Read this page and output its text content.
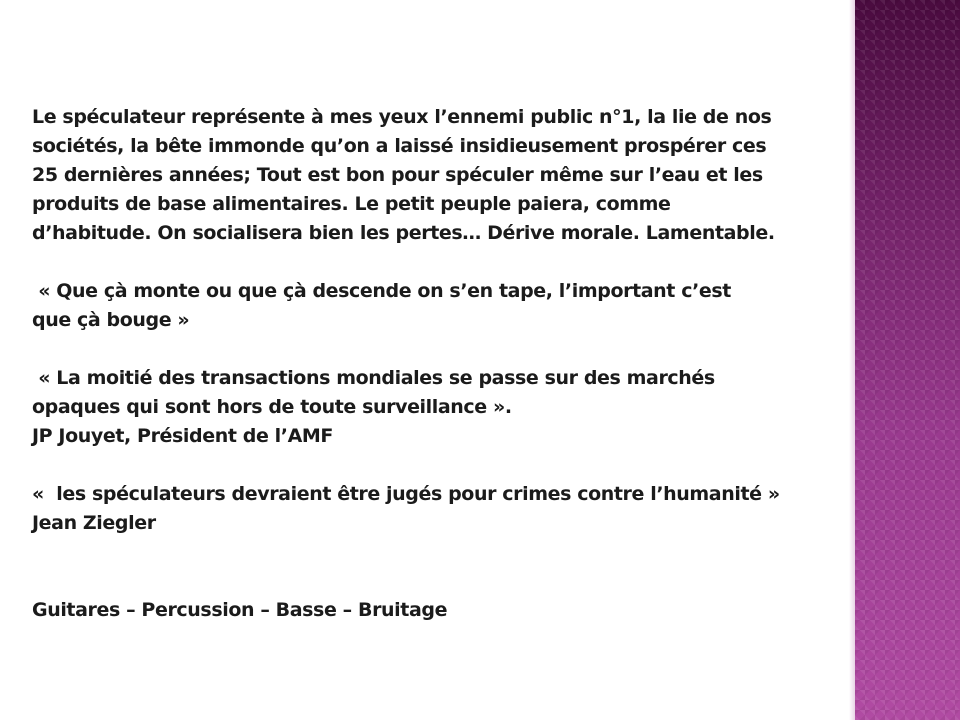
Le spéculateur représente à mes yeux l’ennemi public n°1, la lie de nos
sociétés, la bête immonde qu’on a laissé insidieusement prospérer ces
25 dernières années; Tout est bon pour spéculer même sur l’eau et les
produits de base alimentaires. Le petit peuple paiera, comme
d’habitude. On socialisera bien les pertes… Dérive morale. Lamentable.
« Que çà monte ou que çà descende on s’en tape, l’important c’est
que çà bouge »
« La moitié des transactions mondiales se passe sur des marchés
opaques qui sont hors de toute surveillance ».
JP Jouyet, Président de l’AMF
«  les spéculateurs devraient être jugés pour crimes contre l’humanité »
Jean Ziegler
Guitares – Percussion – Basse – Bruitage
